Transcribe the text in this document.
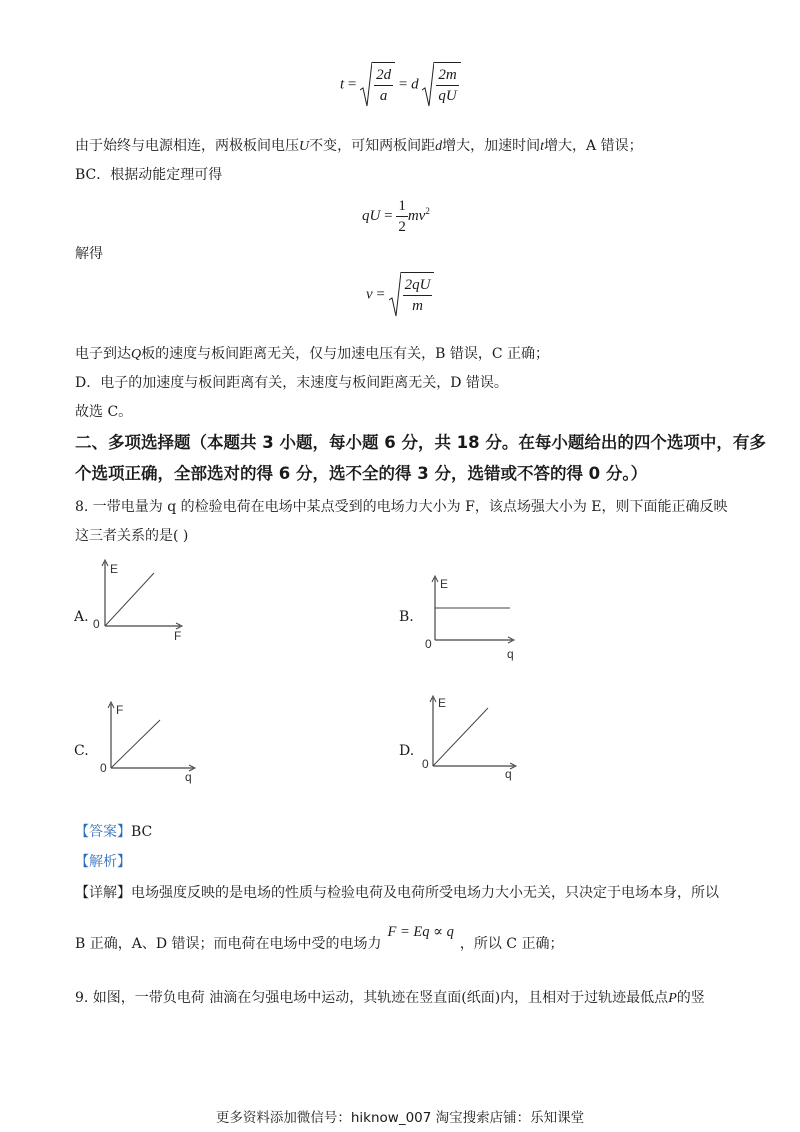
$t = \frac{2d}{a} = d \frac{2m}{qU}$
由于始终与电源相连，两极板间电压U不变，可知两板间距d增大，加速时间t增大，A 错误；
BC．根据动能定理可得
qU = $\frac{1}{2} mv^2$
解得
$v = \frac{2qU}{m}$
电子到达Q板的速度与板间距离无关，仅与加速电压有关，B 错误，C 正确；
D．电子的加速度与板间距离有关，末速度与板间距离无关，D 错误。
故选 C。
二、多项选择题（本题共 3 小题，每小题 6 分，共 18 分。在每小题给出的四个选项中，有多
个选项正确，全部选对的得 6 分，选不全的得 3 分，选错或不答的得 0 分。）
8. 一带电量为 q 的检验电荷在电场中某点受到的电场力大小为 F，该点场强大小为 E，则下面能正确反映
这三者关系的是( )
A.
E
0
F
B.
E
0
q
C.
F
0
q
D.
E
0
q
【答案】BC
【解析】
【详解】电场强度反映的是电场的性质与检验电荷及电荷所受电场力大小无关，只决定于电场本身，所以
B 正确，A、D 错误；而电荷在电场中受的电场力F = Eq ∝ q，所以 C 正确；
9. 如图，一带负电荷 油滴在匀强电场中运动，其轨迹在竖直面(纸面)内，且相对于过轨迹最低点P的竖
更多资料添加微信号：hiknow_007 淘宝搜索店铺：乐知课堂
